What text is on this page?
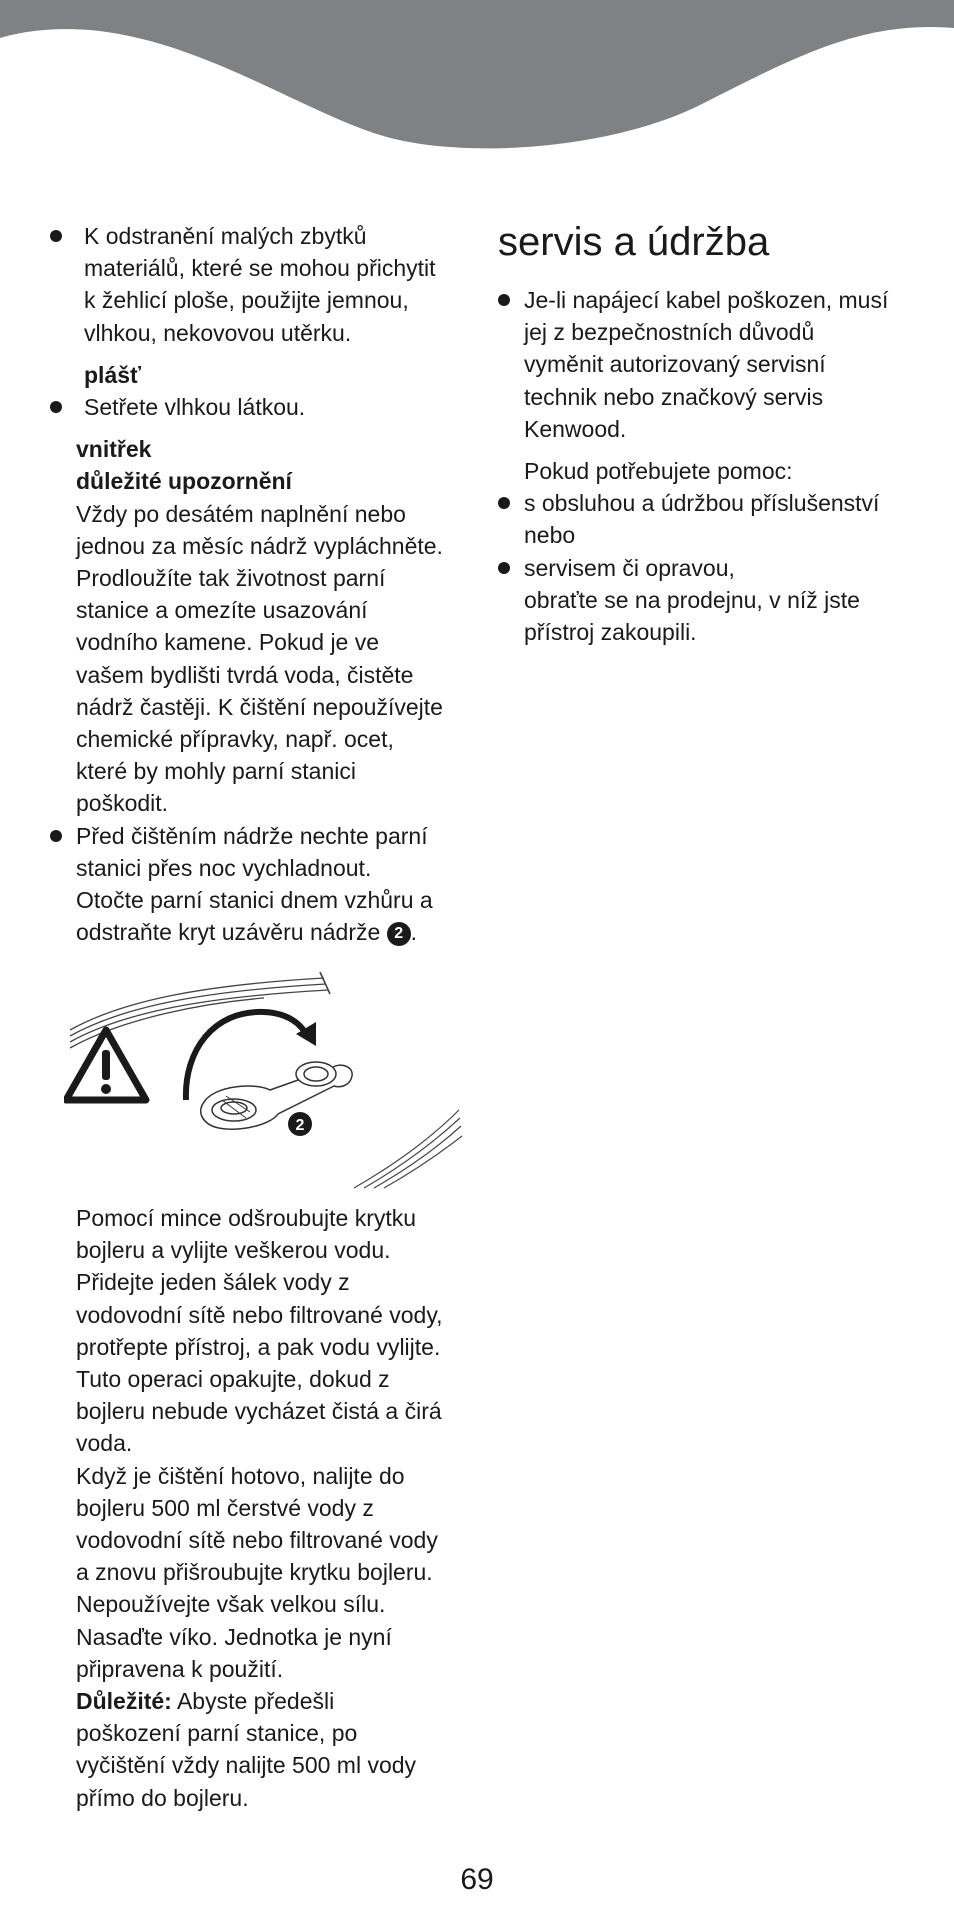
K odstranění malých zbytků
materiálů, které se mohou přichytit
k žehlicí ploše, použijte jemnou,
vlhkou, nekovovou utěrku.
plášť
Setřete vlhkou látkou.
vnitřek
důležité upozornění
Vždy po desátém naplnění nebo
jednou za měsíc nádrž vypláchněte.
Prodloužíte tak životnost parní
stanice a omezíte usazování
vodního kamene. Pokud je ve
vašem bydlišti tvrdá voda, čistěte
nádrž častěji. K čištění nepoužívejte
chemické přípravky, např. ocet,
které by mohly parní stanici
poškodit.
Před čištěním nádrže nechte parní
stanici přes noc vychladnout.
Otočte parní stanici dnem vzhůru a
odstraňte kryt uzávěru nádrže 2 .
2
Pomocí mince odšroubujte krytku
bojleru a vylijte veškerou vodu.
Přidejte jeden šálek vody z
vodovodní sítě nebo filtrované vody,
protřepte přístroj, a pak vodu vylijte.
Tuto operaci opakujte, dokud z
bojleru nebude vycházet čistá a čirá
voda.
Když je čištění hotovo, nalijte do
bojleru 500 ml čerstvé vody z
vodovodní sítě nebo filtrované vody
a znovu přišroubujte krytku bojleru.
Nepoužívejte však velkou sílu.
Nasaďte víko. Jednotka je nyní
připravena k použití.
Důležité: Abyste předešli
poškození parní stanice, po
vyčištění vždy nalijte 500 ml vody
přímo do bojleru.
servis a údržba
Je-li napájecí kabel poškozen, musí
jej z bezpečnostních důvodů
vyměnit autorizovaný servisní
technik nebo značkový servis
Kenwood.
Pokud potřebujete pomoc:
s obsluhou a údržbou příslušenství
nebo
servisem či opravou,
obraťte se na prodejnu, v níž jste
přístroj zakoupili.
69
